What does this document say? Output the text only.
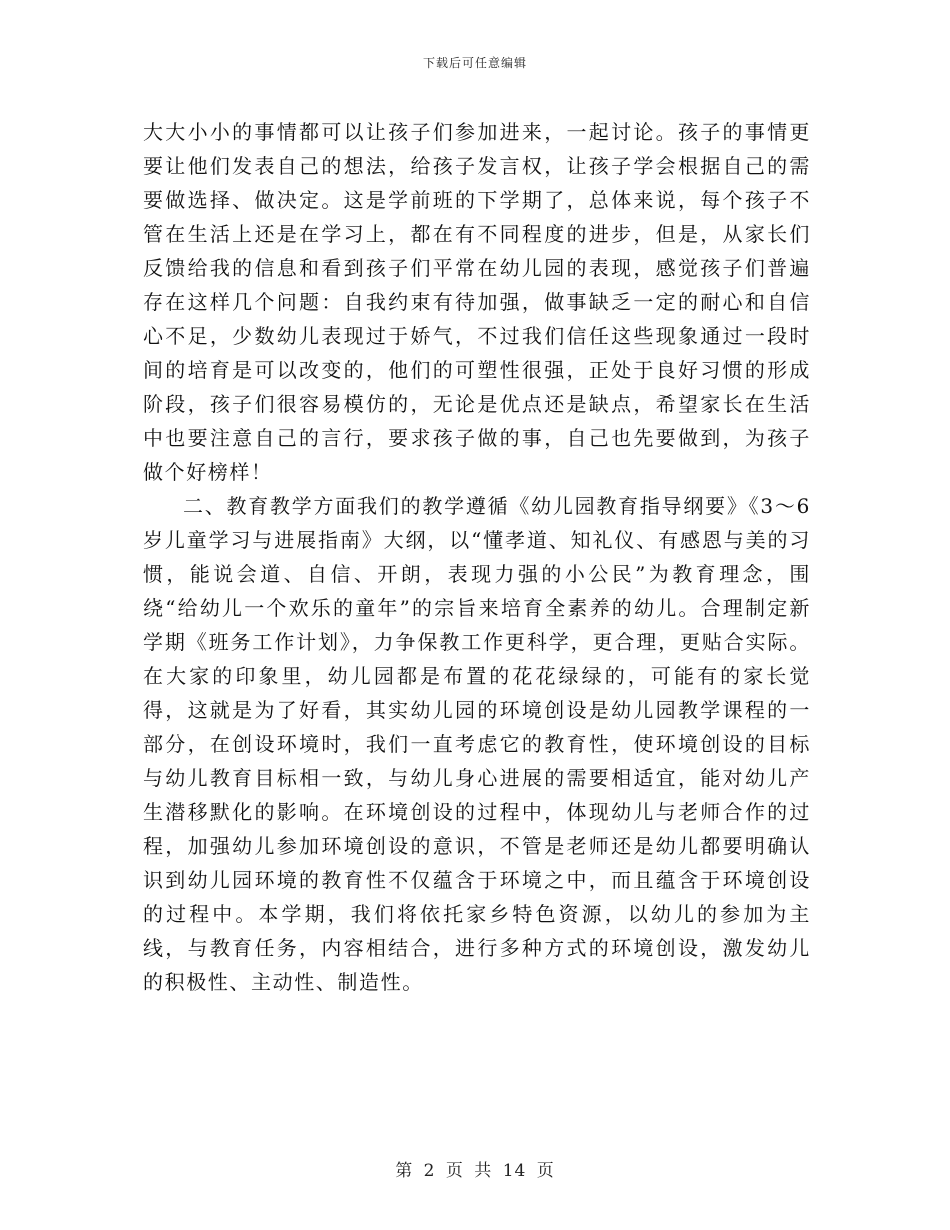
下载后可任意编辑

大大小小的事情都可以让孩子们参加进来，一起讨论。孩子的事情更要让他们发表自己的想法，给孩子发言权，让孩子学会根据自己的需要做选择、做决定。这是学前班的下学期了，总体来说，每个孩子不管在生活上还是在学习上，都在有不同程度的进步，但是，从家长们反馈给我的信息和看到孩子们平常在幼儿园的表现，感觉孩子们普遍存在这样几个问题：自我约束有待加强，做事缺乏一定的耐心和自信心不足，少数幼儿表现过于娇气，不过我们信任这些现象通过一段时间的培育是可以改变的，他们的可塑性很强，正处于良好习惯的形成阶段，孩子们很容易模仿的，无论是优点还是缺点，希望家长在生活中也要注意自己的言行，要求孩子做的事，自己也先要做到，为孩子做个好榜样！

二、教育教学方面我们的教学遵循《幼儿园教育指导纲要》《3～6岁儿童学习与进展指南》大纲，以“懂孝道、知礼仪、有感恩与美的习惯，能说会道、自信、开朗，表现力强的小公民”为教育理念，围绕“给幼儿一个欢乐的童年”的宗旨来培育全素养的幼儿。合理制定新学期《班务工作计划》，力争保教工作更科学，更合理，更贴合实际。在大家的印象里，幼儿园都是布置的花花绿绿的，可能有的家长觉得，这就是为了好看，其实幼儿园的环境创设是幼儿园教学课程的一部分，在创设环境时，我们一直考虑它的教育性，使环境创设的目标与幼儿教育目标相一致，与幼儿身心进展的需要相适宜，能对幼儿产生潜移默化的影响。在环境创设的过程中，体现幼儿与老师合作的过程，加强幼儿参加环境创设的意识，不管是老师还是幼儿都要明确认识到幼儿园环境的教育性不仅蕴含于环境之中，而且蕴含于环境创设的过程中。本学期，我们将依托家乡特色资源，以幼儿的参加为主线，与教育任务，内容相结合，进行多种方式的环境创设，激发幼儿的积极性、主动性、制造性。

第 2 页 共 14 页
